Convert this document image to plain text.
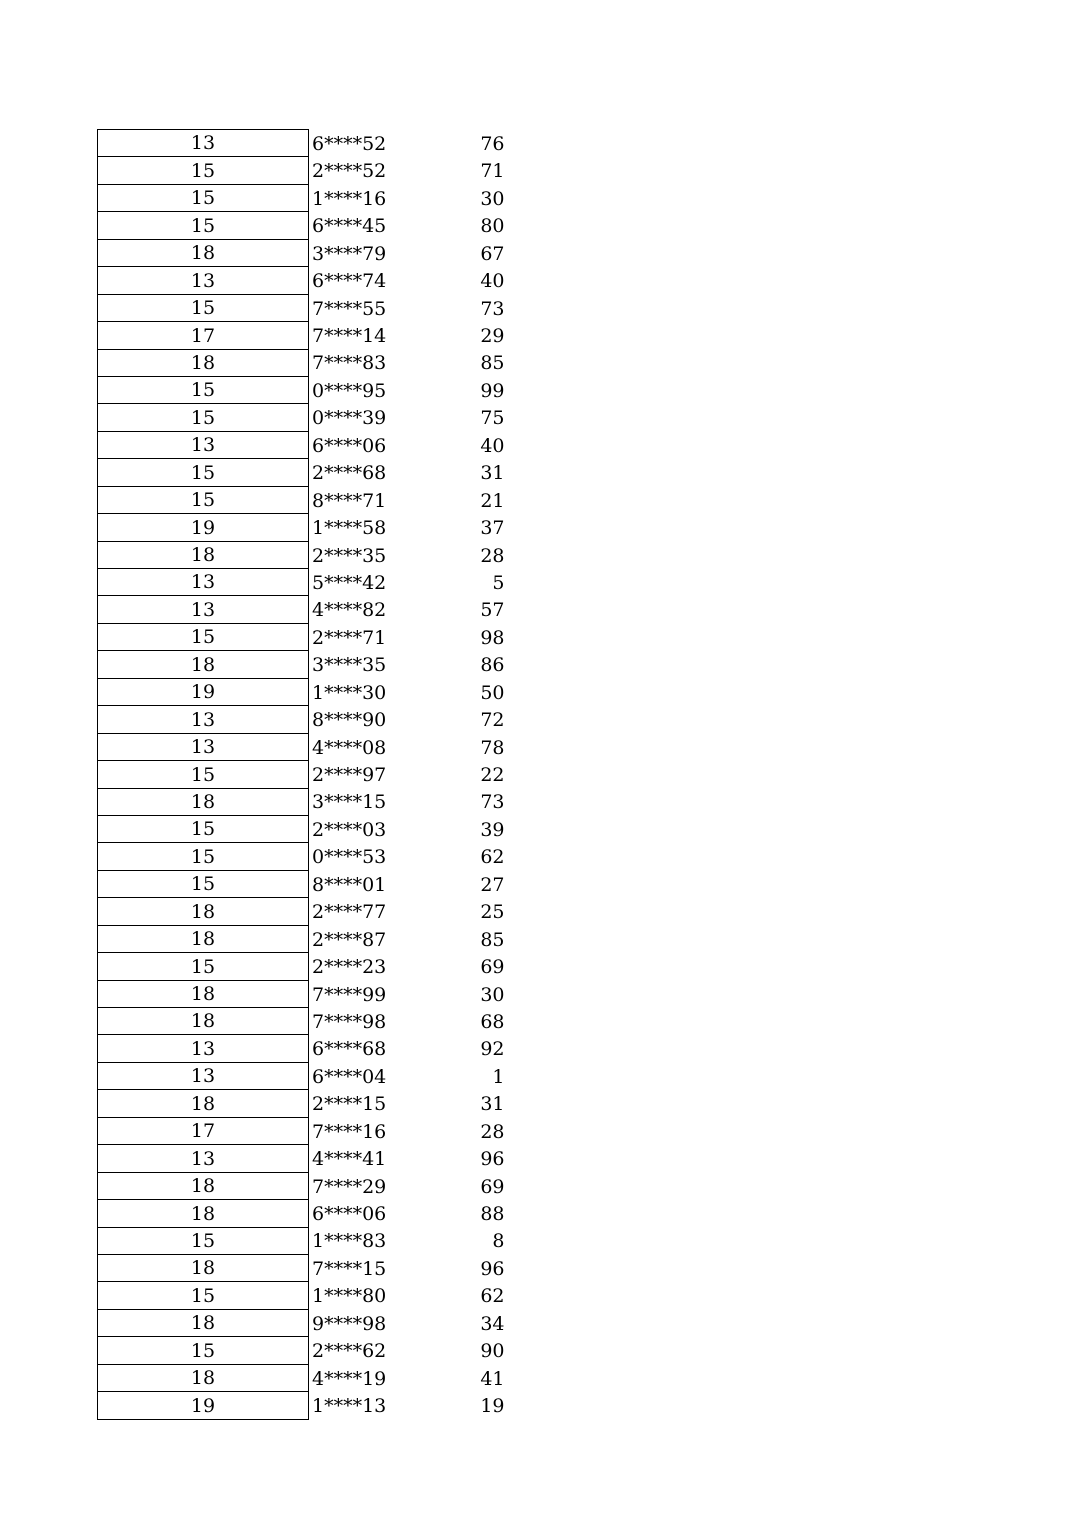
13	6****52	76
15	2****52	71
15	1****16	30
15	6****45	80
18	3****79	67
13	6****74	40
15	7****55	73
17	7****14	29
18	7****83	85
15	0****95	99
15	0****39	75
13	6****06	40
15	2****68	31
15	8****71	21
19	1****58	37
18	2****35	28
13	5****42	5
13	4****82	57
15	2****71	98
18	3****35	86
19	1****30	50
13	8****90	72
13	4****08	78
15	2****97	22
18	3****15	73
15	2****03	39
15	0****53	62
15	8****01	27
18	2****77	25
18	2****87	85
15	2****23	69
18	7****99	30
18	7****98	68
13	6****68	92
13	6****04	1
18	2****15	31
17	7****16	28
13	4****41	96
18	7****29	69
18	6****06	88
15	1****83	8
18	7****15	96
15	1****80	62
18	9****98	34
15	2****62	90
18	4****19	41
19	1****13	19
